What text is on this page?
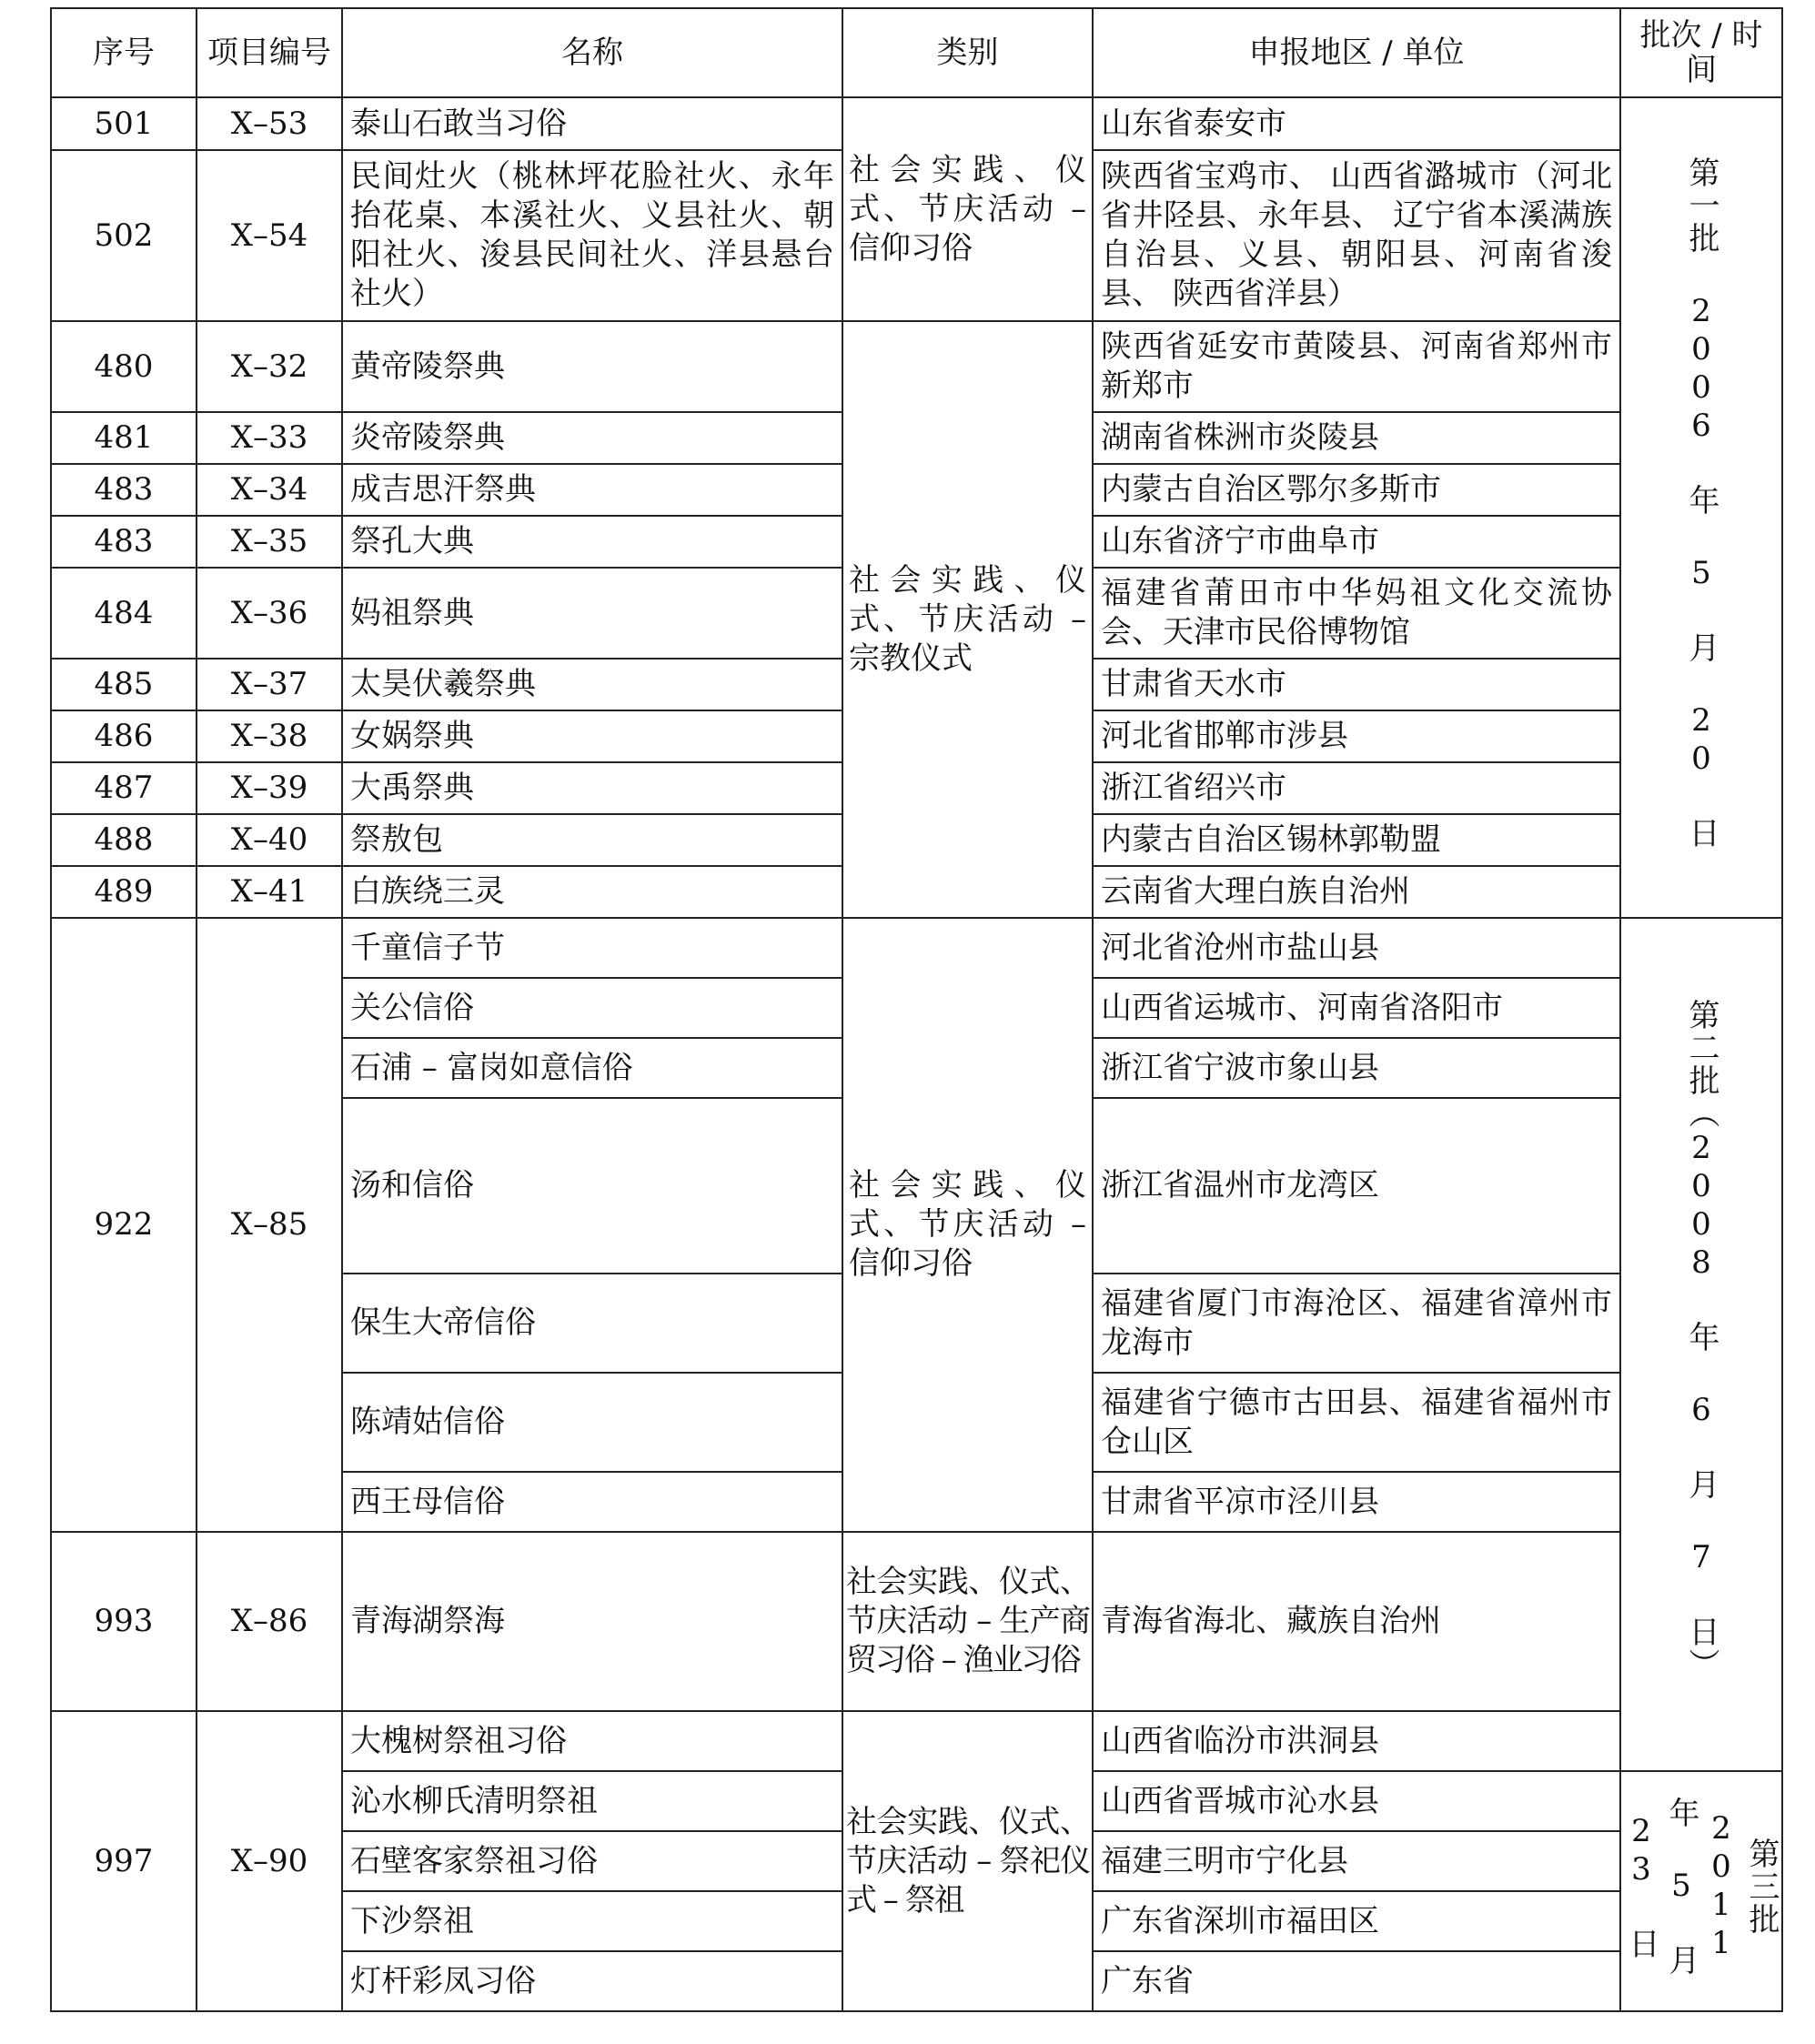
序号	项目编号	名称	类别	申报地区 / 单位	批次 / 时间
501	X–53	泰山石敢当习俗	社会实践、仪式、节庆活动 – 信仰习俗	山东省泰安市	第一批 2006 年 5 月 20 日
502	X–54	民间灶火（桃林坪花脸社火、永年抬花桌、本溪社火、义县社火、朝阳社火、浚县民间社火、洋县悬台社火）		陕西省宝鸡市、 山西省潞城市（河北省井陉县、永年县、 辽宁省本溪满族自治县、义县、朝阳县、河南省浚县、 陕西省洋县）	
480	X–32	黄帝陵祭典	社会实践、仪式、节庆活动 – 宗教仪式	陕西省延安市黄陵县、河南省郑州市新郑市	
481	X–33	炎帝陵祭典		湖南省株洲市炎陵县	
483	X–34	成吉思汗祭典		内蒙古自治区鄂尔多斯市	
483	X–35	祭孔大典		山东省济宁市曲阜市	
484	X–36	妈祖祭典		福建省莆田市中华妈祖文化交流协会、天津市民俗博物馆	
485	X–37	太昊伏羲祭典		甘肃省天水市	
486	X–38	女娲祭典		河北省邯郸市涉县	
487	X–39	大禹祭典		浙江省绍兴市	
488	X–40	祭敖包		内蒙古自治区锡林郭勒盟	
489	X–41	白族绕三灵		云南省大理白族自治州	
922	X–85	千童信子节	社会实践、仪式、节庆活动 – 信仰习俗	河北省沧州市盐山县	第二批（2008 年 6 月 7 日）
		关公信俗		山西省运城市、河南省洛阳市	
		石浦 – 富岗如意信俗		浙江省宁波市象山县	
		汤和信俗		浙江省温州市龙湾区	
		保生大帝信俗		福建省厦门市海沧区、福建省漳州市龙海市	
		陈靖姑信俗		福建省宁德市古田县、福建省福州市仓山区	
		西王母信俗		甘肃省平凉市泾川县	
993	X–86	青海湖祭海	社会实践、仪式、节庆活动 – 生产商贸习俗 – 渔业习俗	青海省海北、藏族自治州	
997	X–90	大槐树祭祖习俗	社会实践、仪式、节庆活动 – 祭祀仪式 – 祭祖	山西省临汾市洪洞县	
		沁水柳氏清明祭祖		山西省晋城市沁水县	第三批 2011 年 5 月 23 日
		石壁客家祭祖习俗		福建三明市宁化县	
		下沙祭祖		广东省深圳市福田区	
		灯杆彩凤习俗		广东省	
